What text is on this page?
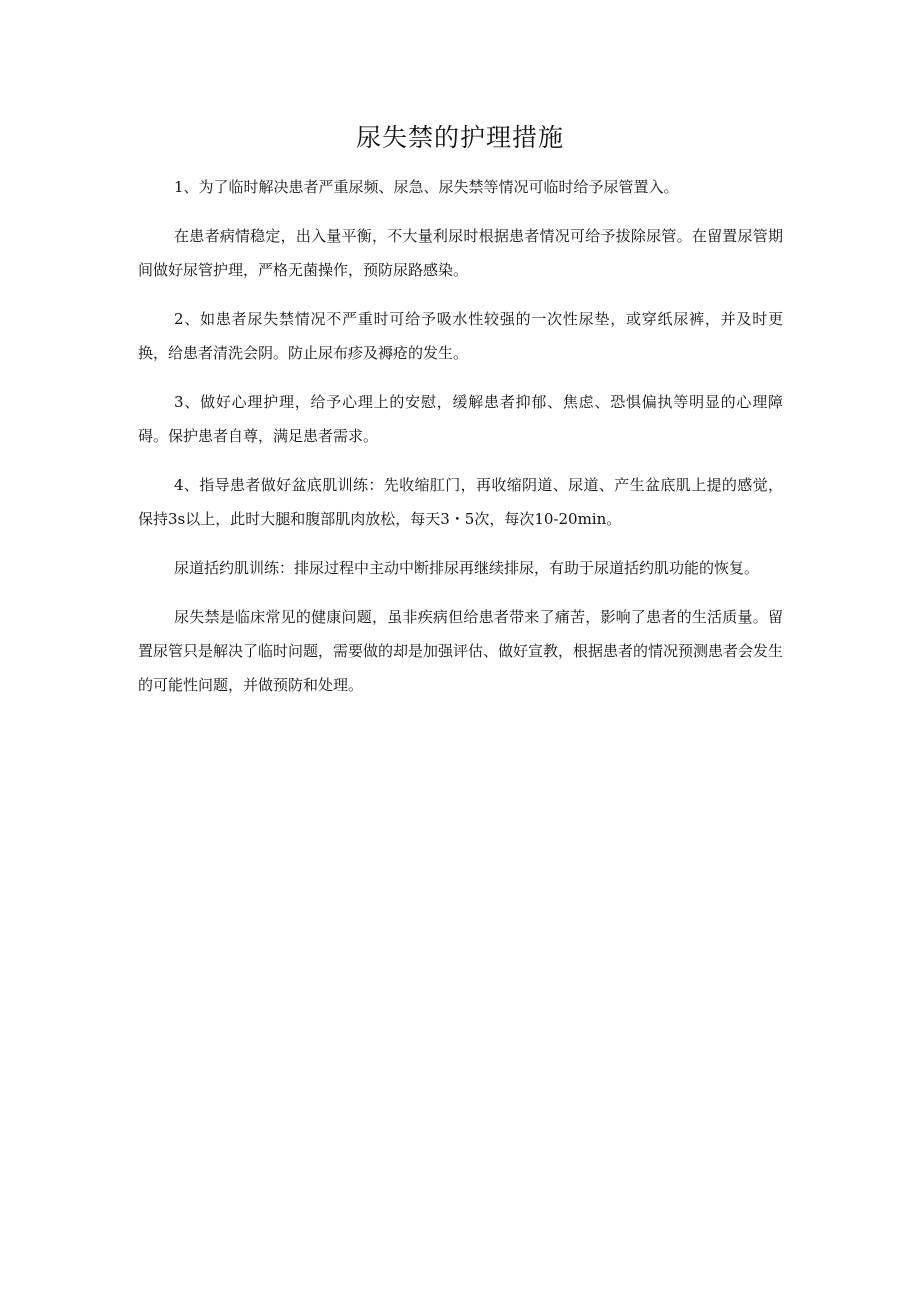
尿失禁的护理措施

1、为了临时解决患者严重尿频、尿急、尿失禁等情况可临时给予尿管置入。

在患者病情稳定，出入量平衡，不大量利尿时根据患者情况可给予拔除尿管。在留置尿管期间做好尿管护理，严格无菌操作，预防尿路感染。

2、如患者尿失禁情况不严重时可给予吸水性较强的一次性尿垫，或穿纸尿裤，并及时更换，给患者清洗会阴。防止尿布疹及褥疮的发生。

3、做好心理护理，给予心理上的安慰，缓解患者抑郁、焦虑、恐惧偏执等明显的心理障碍。保护患者自尊，满足患者需求。

4、指导患者做好盆底肌训练：先收缩肛门，再收缩阴道、尿道、产生盆底肌上提的感觉，保持3s以上，此时大腿和腹部肌肉放松，每天3・5次，每次10-20min。

尿道括约肌训练：排尿过程中主动中断排尿再继续排尿，有助于尿道括约肌功能的恢复。

尿失禁是临床常见的健康问题，虽非疾病但给患者带来了痛苦，影响了患者的生活质量。留置尿管只是解决了临时问题，需要做的却是加强评估、做好宣教，根据患者的情况预测患者会发生的可能性问题，并做预防和处理。
